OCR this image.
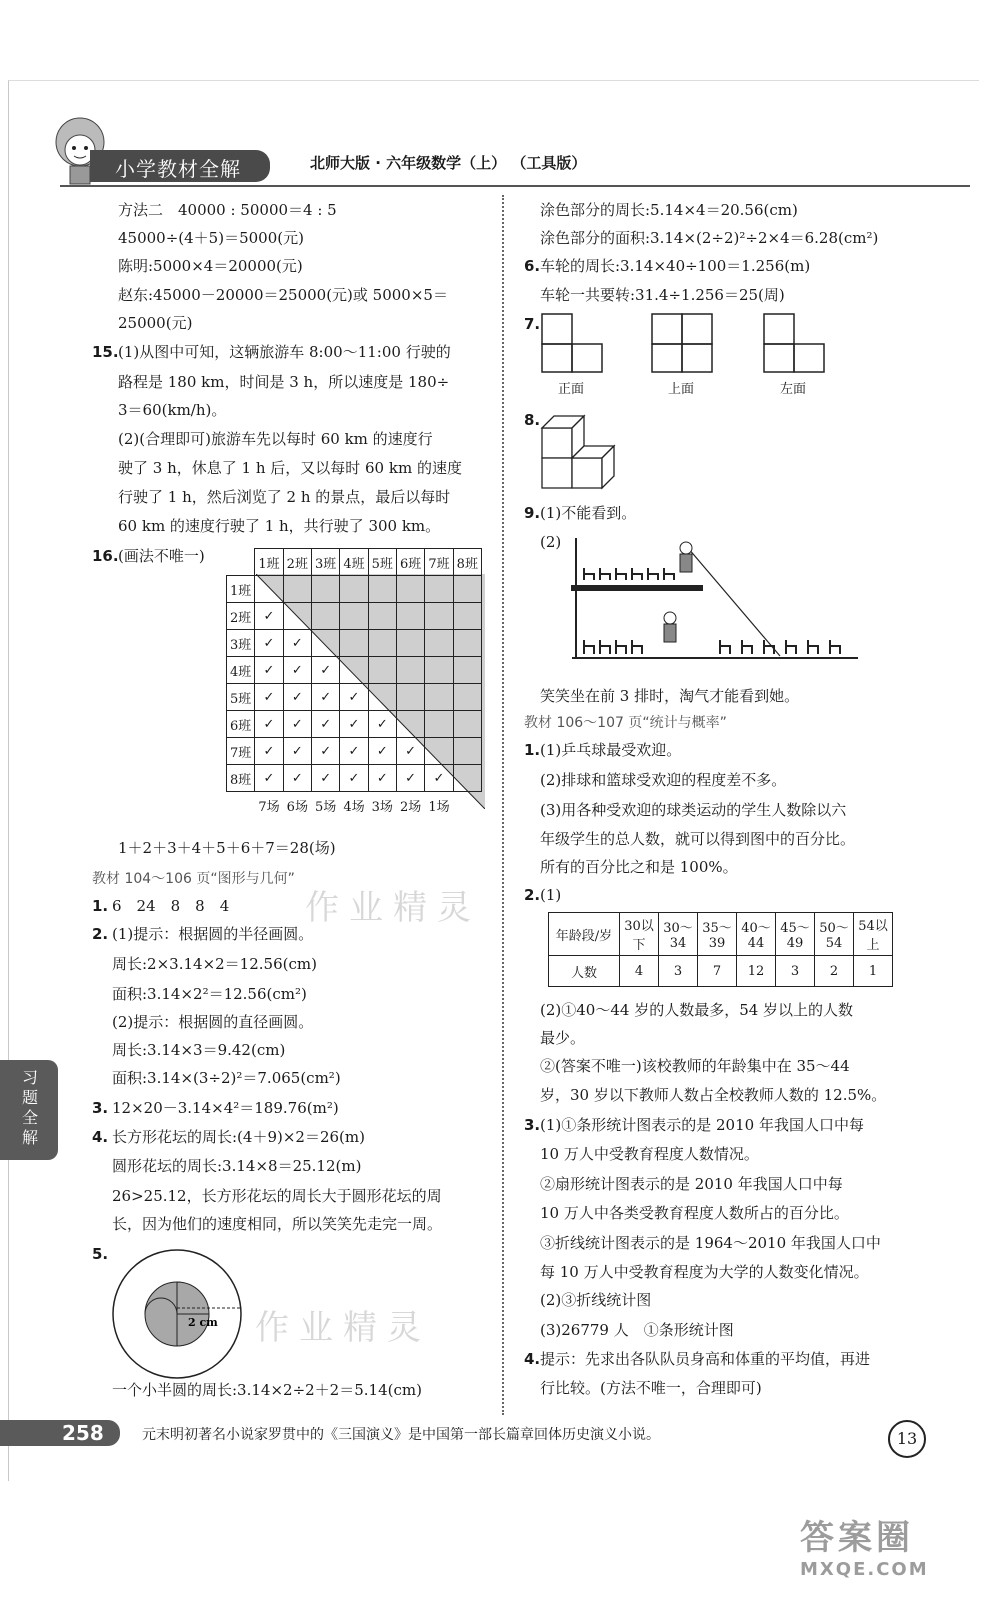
小学教材全解	北师大版 · 六年级数学（上） （工具版）
习题全解
方法二　40000 : 50000＝4 : 5
45000÷(4＋5)＝5000(元)
陈明:5000×4＝20000(元)
赵东:45000－20000＝25000(元)或 5000×5＝
25000(元)
15. (1)从图中可知，这辆旅游车 8:00～11:00 行驶的
路程是 180 km，时间是 3 h，所以速度是 180÷
3＝60(km/h)。
(2)(合理即可)旅游车先以每时 60 km 的速度行
驶了 3 h，休息了 1 h 后，又以每时 60 km 的速度
行驶了 1 h，然后浏览了 2 h 的景点，最后以每时
60 km 的速度行驶了 1 h，共行驶了 300 km。
16. (画法不唯一)
		1班	2班	3班	4班	5班	6班	7班	8班
1班								
2班	✓							
3班	✓	✓						
4班	✓	✓	✓					
5班	✓	✓	✓	✓				
6班	✓	✓	✓	✓	✓			
7班	✓	✓	✓	✓	✓	✓		
8班	✓	✓	✓	✓	✓	✓	✓	
	7场	6场	5场	4场	3场	2场	1场	
1＋2＋3＋4＋5＋6＋7＝28(场)
教材 104～106 页“图形与几何”
1. 6　24　8　8　4
2. (1)提示：根据圆的半径画圆。
周长:2×3.14×2＝12.56(cm)
面积:3.14×2²＝12.56(cm²)
(2)提示：根据圆的直径画圆。
周长:3.14×3＝9.42(cm)
面积:3.14×(3÷2)²＝7.065(cm²)
3. 12×20－3.14×4²＝189.76(m²)
4. 长方形花坛的周长:(4＋9)×2＝26(m)
圆形花坛的周长:3.14×8＝25.12(m)
26>25.12，长方形花坛的周长大于圆形花坛的周
长，因为他们的速度相同，所以笑笑先走完一周。
5.
2 cm
一个小半圆的周长:3.14×2÷2＋2＝5.14(cm)
涂色部分的周长:5.14×4＝20.56(cm)
涂色部分的面积:3.14×(2÷2)²÷2×4＝6.28(cm²)
6. 车轮的周长:3.14×40÷100＝1.256(m)
车轮一共要转:31.4÷1.256＝25(周)
7.
正面	上面	左面
8.
9. (1)不能看到。
(2)
笑笑坐在前 3 排时，淘气才能看到她。
教材 106～107 页“统计与概率”
1. (1)乒乓球最受欢迎。
(2)排球和篮球受欢迎的程度差不多。
(3)用各种受欢迎的球类运动的学生人数除以六
年级学生的总人数，就可以得到图中的百分比。
所有的百分比之和是 100%。
2. (1)
年龄段/岁	30以下	30～34	35～39	40～44	45～49	50～54	54以上
人数	4	3	7	12	3	2	1
(2)①40～44 岁的人数最多，54 岁以上的人数
最少。
②(答案不唯一)该校教师的年龄集中在 35～44
岁，30 岁以下教师人数占全校教师人数的 12.5%。
3. (1)①条形统计图表示的是 2010 年我国人口中每
10 万人中受教育程度人数情况。
②扇形统计图表示的是 2010 年我国人口中每
10 万人中各类受教育程度人数所占的百分比。
③折线统计图表示的是 1964～2010 年我国人口中
每 10 万人中受教育程度为大学的人数变化情况。
(2)③折线统计图
(3)26779 人　①条形统计图
4. 提示：先求出各队队员身高和体重的平均值，再进
行比较。(方法不唯一，合理即可)
作业精灵
作业精灵
258	元末明初著名小说家罗贯中的《三国演义》是中国第一部长篇章回体历史演义小说。	13
答案圈
MXQE.COM
